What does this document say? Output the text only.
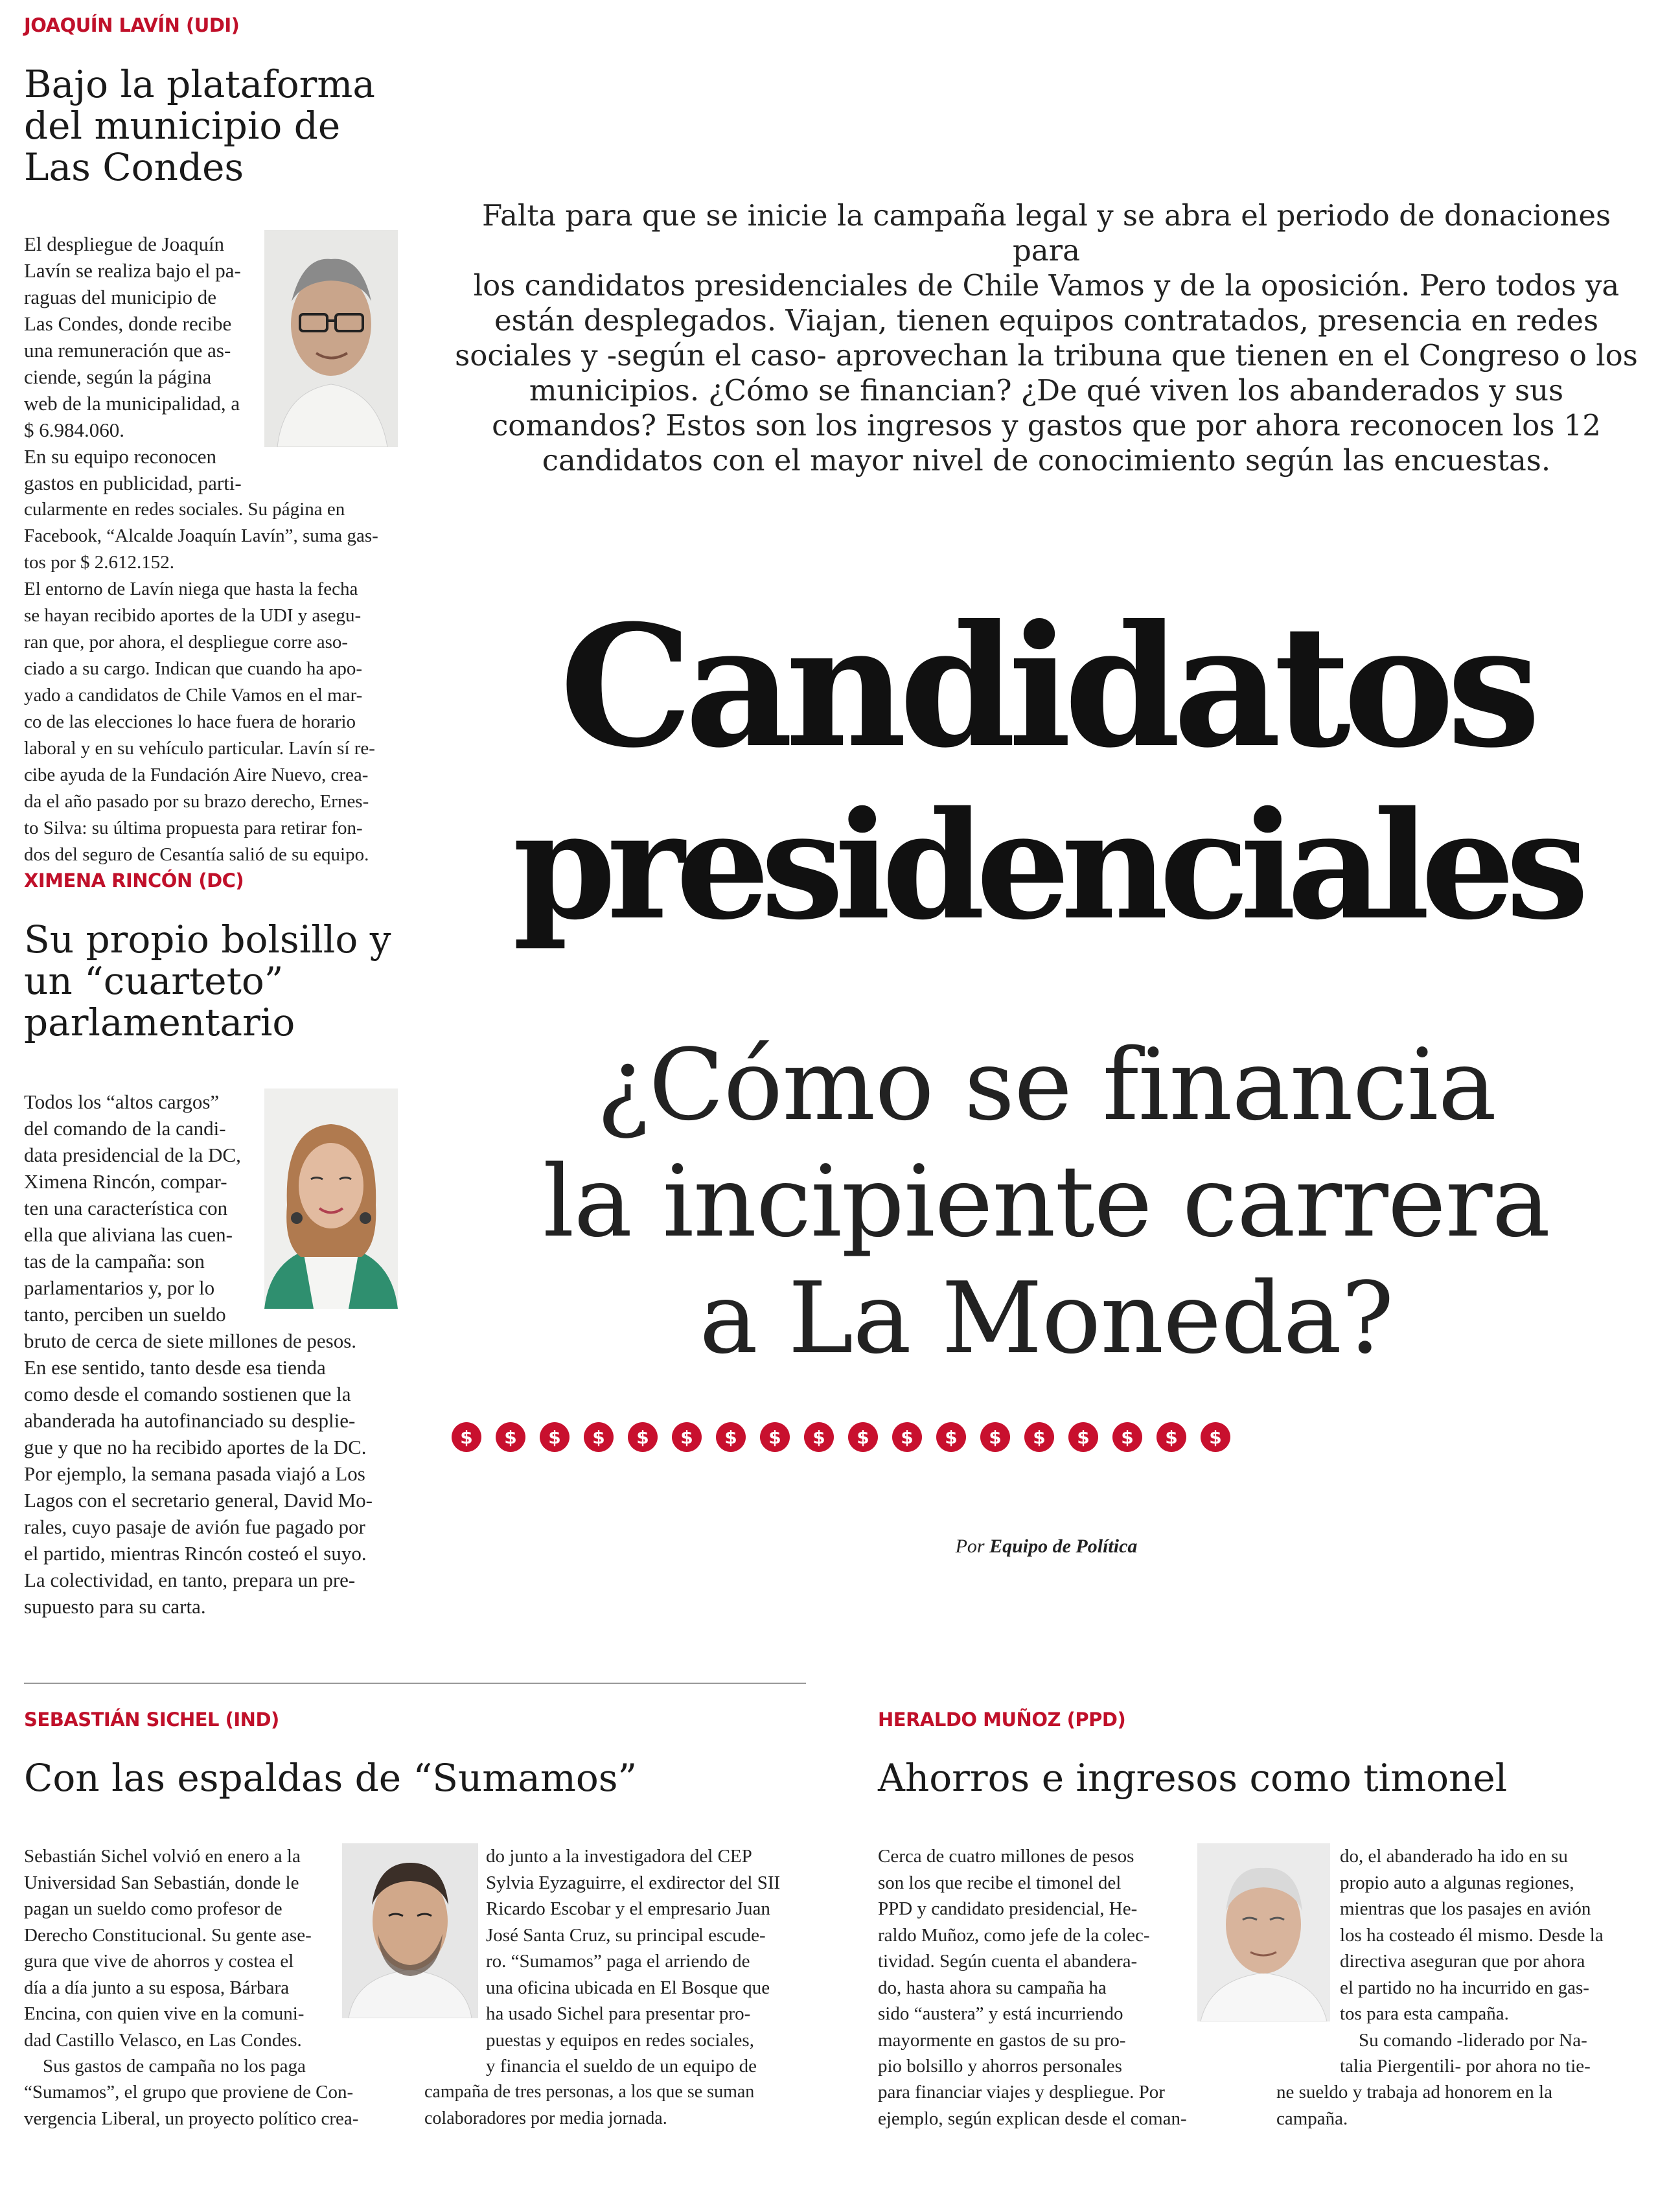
JOAQUÍN LAVÍN (UDI)
Bajo la plataforma
del municipio de
Las Condes

El despliegue de Joaquín

Lavín se realiza bajo el pa-

raguas del municipio de

Las Condes, donde recibe

una remuneración que as-

ciende, según la página

web de la municipalidad, a

$ 6.984.060.

En su equipo reconocen

gastos en publicidad, parti-

cularmente en redes sociales. Su página en

Facebook, “Alcalde Joaquín Lavín”, suma gas-

tos por $ 2.612.152.

El entorno de Lavín niega que hasta la fecha

se hayan recibido aportes de la UDI y asegu-

ran que, por ahora, el despliegue corre aso-

ciado a su cargo. Indican que cuando ha apo-

yado a candidatos de Chile Vamos en el mar-

co de las elecciones lo hace fuera de horario

laboral y en su vehículo particular. Lavín sí re-

cibe ayuda de la Fundación Aire Nuevo, crea-

da el año pasado por su brazo derecho, Ernes-

to Silva: su última propuesta para retirar fon-

dos del seguro de Cesantía salió de su equipo.

XIMENA RINCÓN (DC)
Su propio bolsillo y
un “cuarteto”
parlamentario

Todos los “altos cargos”

del comando de la candi-

data presidencial de la DC,

Ximena Rincón, compar-

ten una característica con

ella que aliviana las cuen-

tas de la campaña: son

parlamentarios y, por lo

tanto, perciben un sueldo

bruto de cerca de siete millones de pesos.

En ese sentido, tanto desde esa tienda

como desde el comando sostienen que la

abanderada ha autofinanciado su desplie-

gue y que no ha recibido aportes de la DC.

Por ejemplo, la semana pasada viajó a Los

Lagos con el secretario general, David Mo-

rales, cuyo pasaje de avión fue pagado por

el partido, mientras Rincón costeó el suyo.

La colectividad, en tanto, prepara un pre-

supuesto para su carta.

Falta para que se inicie la campaña legal y se abra el periodo de donaciones para
los candidatos presidenciales de Chile Vamos y de la oposición. Pero todos ya
están desplegados. Viajan, tienen equipos contratados, presencia en redes
sociales y -según el caso- aprovechan la tribuna que tienen en el Congreso o los
municipios. ¿Cómo se financian? ¿De qué viven los abanderados y sus
comandos? Estos son los ingresos y gastos que por ahora reconocen los 12
candidatos con el mayor nivel de conocimiento según las encuestas.
Candidatos
presidenciales
¿Cómo se financia
la incipiente carrera
a La Moneda?
$	$	$	$	$	$	$	$	$	$	$	$	$	$	$	$	$	$
Por Equipo de Política
SEBASTIÁN SICHEL (IND)
Con las espaldas de “Sumamos”

Sebastián Sichel volvió en enero a la

Universidad San Sebastián, donde le

pagan un sueldo como profesor de

Derecho Constitucional. Su gente ase-

gura que vive de ahorros y costea el

día a día junto a su esposa, Bárbara

Encina, con quien vive en la comuni-

dad Castillo Velasco, en Las Condes.

Sus gastos de campaña no los paga

“Sumamos”, el grupo que proviene de Con-

vergencia Liberal, un proyecto político crea-

do junto a la investigadora del CEP

Sylvia Eyzaguirre, el exdirector del SII

Ricardo Escobar y el empresario Juan

José Santa Cruz, su principal escude-

ro. “Sumamos” paga el arriendo de

una oficina ubicada en El Bosque que

ha usado Sichel para presentar pro-

puestas y equipos en redes sociales,

y financia el sueldo de un equipo de

campaña de tres personas, a los que se suman

colaboradores por media jornada.

HERALDO MUÑOZ (PPD)
Ahorros e ingresos como timonel

Cerca de cuatro millones de pesos

son los que recibe el timonel del

PPD y candidato presidencial, He-

raldo Muñoz, como jefe de la colec-

tividad. Según cuenta el abandera-

do, hasta ahora su campaña ha

sido “austera” y está incurriendo

mayormente en gastos de su pro-

pio bolsillo y ahorros personales

para financiar viajes y despliegue. Por

ejemplo, según explican desde el coman-

do, el abanderado ha ido en su

propio auto a algunas regiones,

mientras que los pasajes en avión

los ha costeado él mismo. Desde la

directiva aseguran que por ahora

el partido no ha incurrido en gas-

tos para esta campaña.

Su comando -liderado por Na-

talia Piergentili- por ahora no tie-

ne sueldo y trabaja ad honorem en la

campaña.
